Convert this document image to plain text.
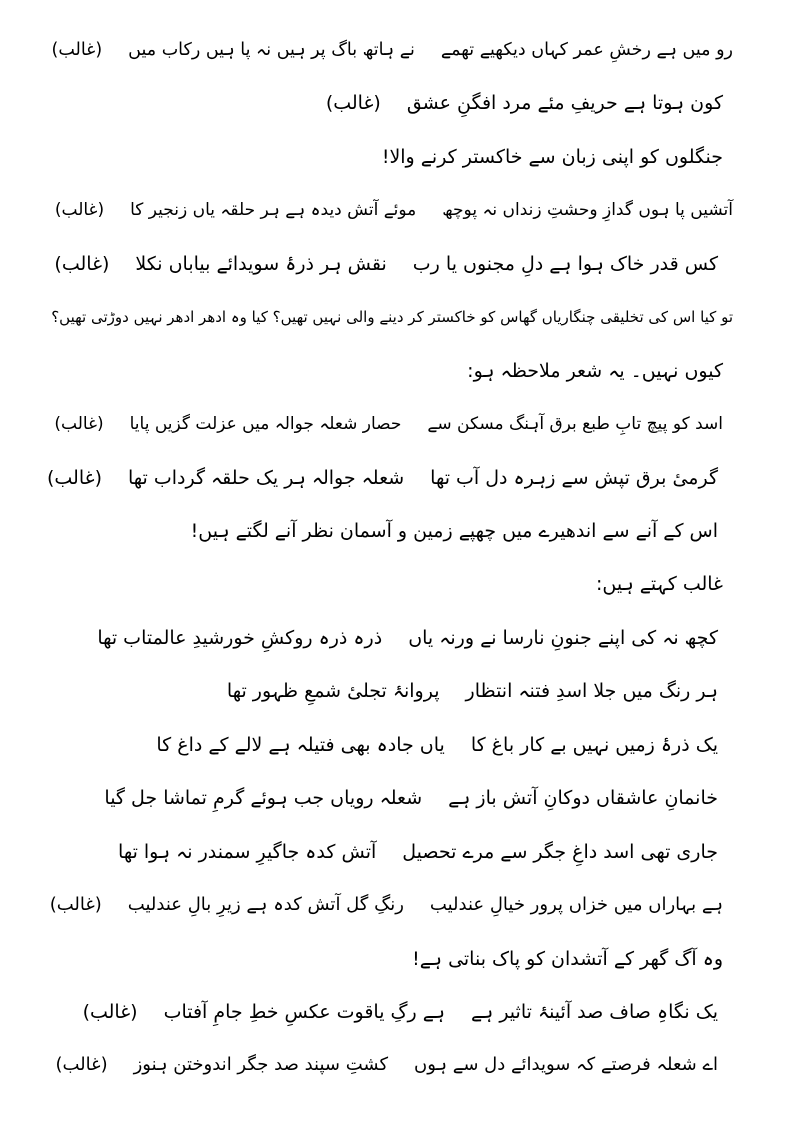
رو میں ہے رخشِ عمر کہاں دیکھیے تھمےنے ہاتھ باگ پر ہیں نہ پا ہیں رکاب میں(غالب)
کون ہوتا ہے حریفِ مئے مرد افگنِ عشق(غالب)
جنگلوں کو اپنی زبان سے خاکستر کرنے والا!
آتشیں پا ہوں گدازِ وحشتِ زنداں نہ پوچھموئے آتش دیدہ ہے ہر حلقہ یاں زنجیر کا(غالب)
کس قدر خاک ہوا ہے دلِ مجنوں یا ربنقش ہر ذرۂ سویدائے بیاباں نکلا(غالب)
تو کیا اس کی تخلیقی چنگاریاں گھاس کو خاکستر کر دینے والی نہیں تھیں؟ کیا وہ ادھر ادھر نہیں دوڑتی تھیں؟
کیوں نہیں۔ یہ شعر ملاحظہ ہو:
اسد کو پیچ تابِ طبع برق آہنگ مسکن سےحصار شعلہ جوالہ میں عزلت گزیں پایا(غالب)
گرمیٔ برق تپش سے زہرہ دل آب تھاشعلہ جوالہ ہر یک حلقہ گرداب تھا(غالب)
اس کے آنے سے اندھیرے میں چھپے زمین و آسمان نظر آنے لگتے ہیں!
غالب کہتے ہیں:
کچھ نہ کی اپنے جنونِ نارسا نے ورنہ یاںذرہ ذرہ روکشِ خورشیدِ عالمتاب تھا
ہر رنگ میں جلا اسدِ فتنہ انتظارپروانۂ تجلیٔ شمعِ ظہور تھا
یک ذرۂ زمیں نہیں بے کار باغ کایاں جادہ بھی فتیلہ ہے لالے کے داغ کا
خانمانِ عاشقاں دوکانِ آتش باز ہےشعلہ رویاں جب ہوئے گرمِ تماشا جل گیا
جاری تھی اسد داغِ جگر سے مرے تحصیلآتش کدہ جاگیرِ سمندر نہ ہوا تھا
ہے بہاراں میں خزاں پرور خیالِ عندلیبرنگِ گل آتش کدہ ہے زیرِ بالِ عندلیب(غالب)
وہ آگ گھر کے آتشدان کو پاک بناتی ہے!
یک نگاہِ صاف صد آئینۂ تاثیر ہےہے رگِ یاقوت عکسِ خطِ جامِ آفتاب(غالب)
اے شعلہ فرصتے کہ سویدائے دل سے ہوںکشتِ سپند صد جگر اندوختن ہنوز(غالب)
